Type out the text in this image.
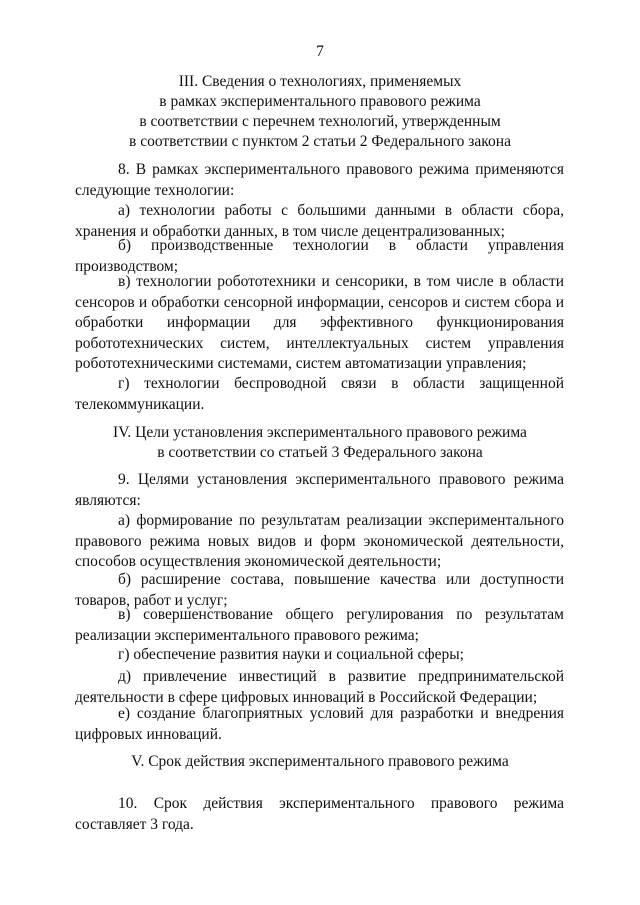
7
III. Сведения о технологиях, применяемых
в рамках экспериментального правового режима
в соответствии с перечнем технологий, утвержденным
в соответствии с пунктом 2 статьи 2 Федерального закона
8. В рамках экспериментального правового режима применяются следующие технологии:
а) технологии работы с большими данными в области сбора, хранения и обработки данных, в том числе децентрализованных;
б) производственные технологии в области управления производством;
в) технологии робототехники и сенсорики, в том числе в области сенсоров и обработки сенсорной информации, сенсоров и систем сбора и обработки информации для эффективного функционирования робототехнических систем, интеллектуальных систем управления робототехническими системами, систем автоматизации управления;
г) технологии беспроводной связи в области защищенной телекоммуникации.
IV. Цели установления экспериментального правового режима
в соответствии со статьей 3 Федерального закона
9. Целями установления экспериментального правового режима являются:
а) формирование по результатам реализации экспериментального правового режима новых видов и форм экономической деятельности, способов осуществления экономической деятельности;
б) расширение состава, повышение качества или доступности товаров, работ и услуг;
в) совершенствование общего регулирования по результатам реализации экспериментального правового режима;
г) обеспечение развития науки и социальной сферы;
д) привлечение инвестиций в развитие предпринимательской деятельности в сфере цифровых инноваций в Российской Федерации;
е) создание благоприятных условий для разработки и внедрения цифровых инноваций.
V. Срок действия экспериментального правового режима
10. Срок действия экспериментального правового режима составляет 3 года.
